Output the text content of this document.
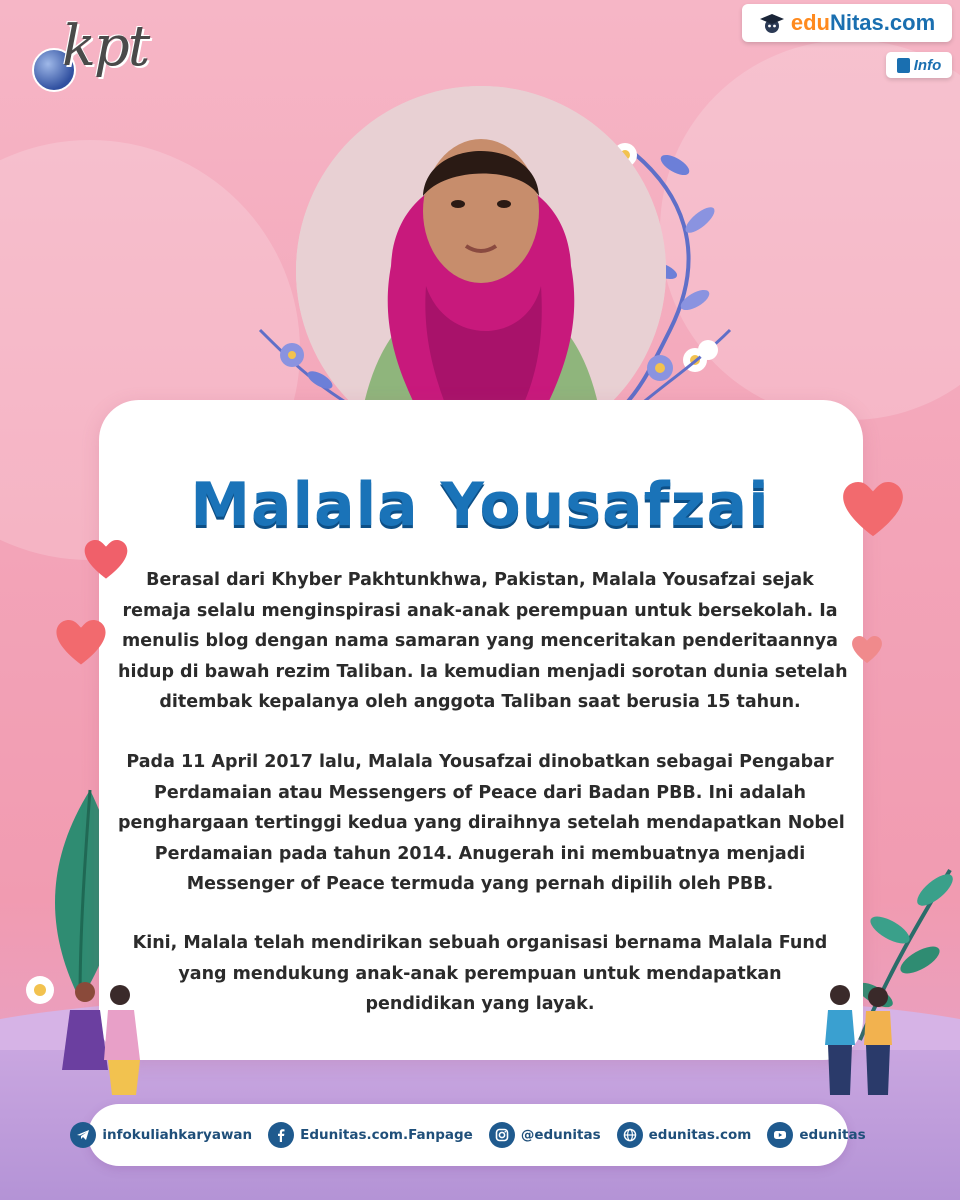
Malala Yousafzai
Berasal dari Khyber Pakhtunkhwa, Pakistan, Malala Yousafzai sejak
remaja selalu menginspirasi anak-anak perempuan untuk bersekolah. Ia
menulis blog dengan nama samaran yang menceritakan penderitaannya
hidup di bawah rezim Taliban. Ia kemudian menjadi sorotan dunia setelah
ditembak kepalanya oleh anggota Taliban saat berusia 15 tahun.
Pada 11 April 2017 lalu, Malala Yousafzai dinobatkan sebagai Pengabar
Perdamaian atau Messengers of Peace dari Badan PBB. Ini adalah
penghargaan tertinggi kedua yang diraihnya setelah mendapatkan Nobel
Perdamaian pada tahun 2014. Anugerah ini membuatnya menjadi
Messenger of Peace termuda yang pernah dipilih oleh PBB.
Kini, Malala telah mendirikan sebuah organisasi bernama Malala Fund
yang mendukung anak-anak perempuan untuk mendapatkan
pendidikan yang layak.
kpt	eduNitas.com
Info
infokuliahkaryawan	Edunitas.com.Fanpage	@edunitas	edunitas.com	edunitas
